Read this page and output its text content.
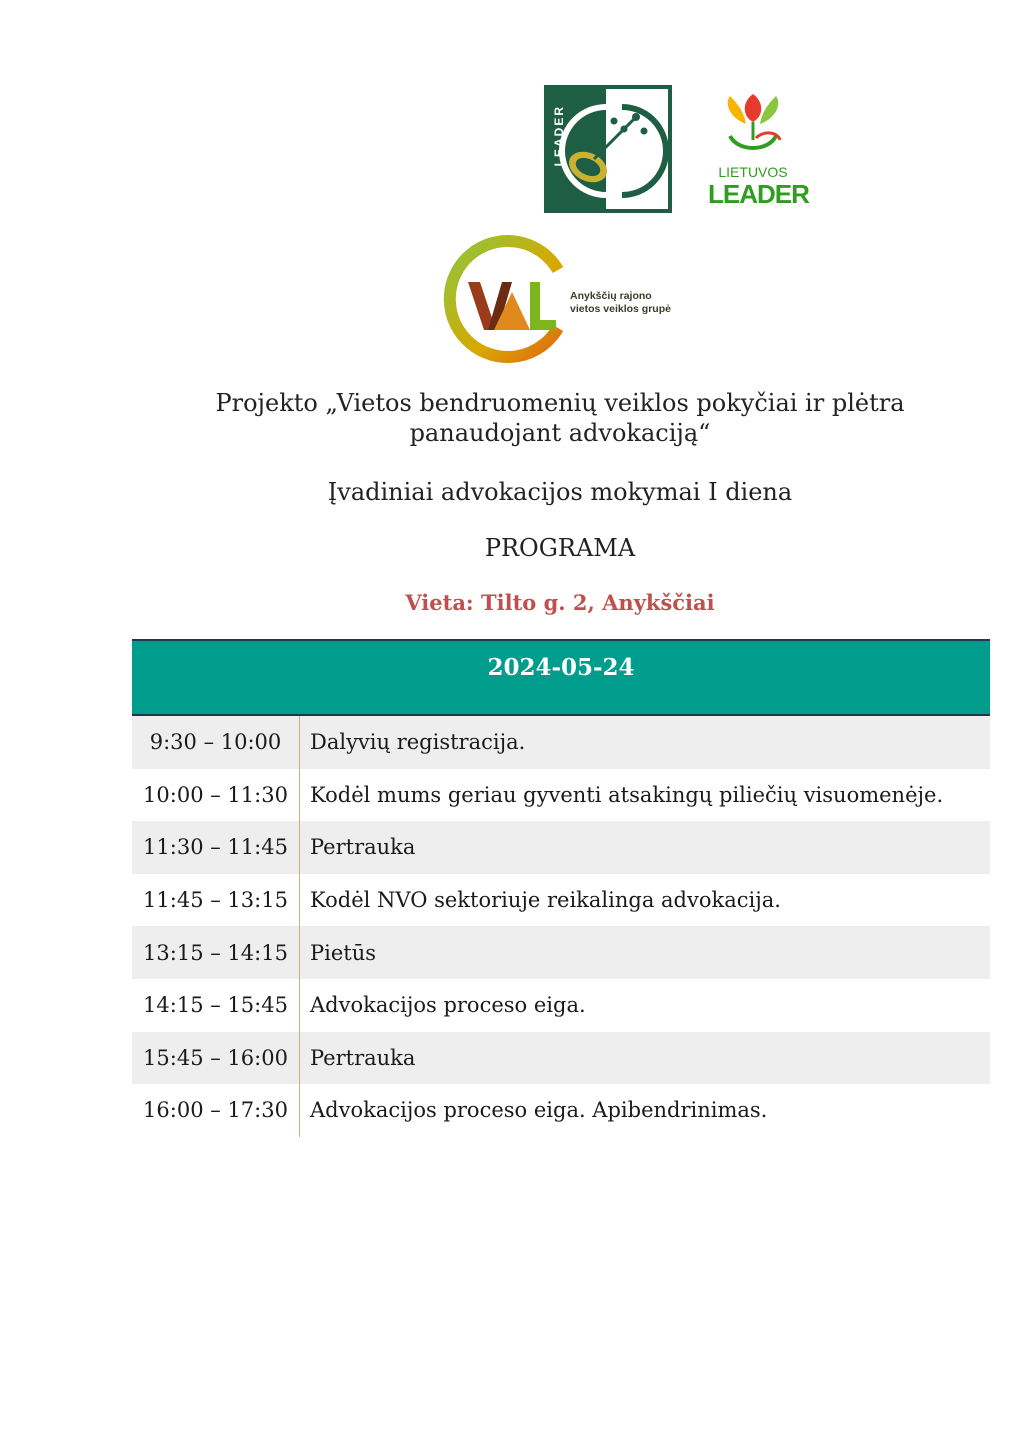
LEADER
LIETUVOS
LEADER
Anykščių rajono
vietos veiklos grupė
Projekto „Vietos bendruomenių veiklos pokyčiai ir plėtra panaudojant advokaciją“
Įvadiniai advokacijos mokymai I diena
PROGRAMA
Vieta: Tilto g. 2, Anykščiai
2024-05-24
9:30 – 10:00	Dalyvių registracija.
10:00 – 11:30	Kodėl mums geriau gyventi atsakingų piliečių visuomenėje.
11:30 – 11:45	Pertrauka
11:45 – 13:15	Kodėl NVO sektoriuje reikalinga advokacija.
13:15 – 14:15	Pietūs
14:15 – 15:45	Advokacijos proceso eiga.
15:45 – 16:00	Pertrauka
16:00 – 17:30	Advokacijos proceso eiga. Apibendrinimas.
